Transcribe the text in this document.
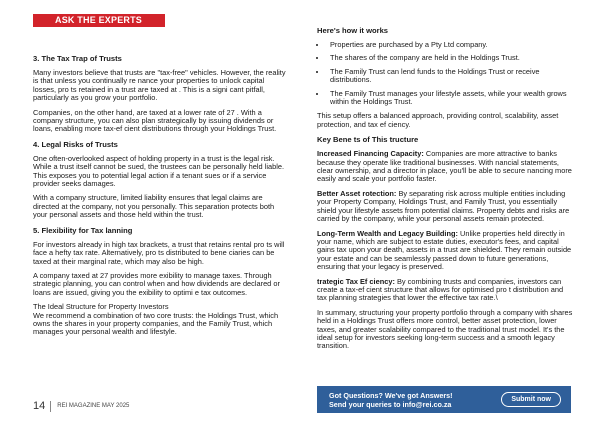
ASK THE EXPERTS
3. The Tax Trap of Trusts

Many investors believe that trusts are "tax-free" vehicles. However, the reality is that unless you continually re nance your properties to unlock capital losses, pro ts retained in a trust are taxed at . This is a signi cant pitfall, particularly as you grow your portfolio.

Companies, on the other hand, are taxed at a lower rate of 27 . With a company structure, you can also plan strategically by issuing dividends or loans, enabling more tax-ef cient distributions through your Holdings Trust.

4. Legal Risks of Trusts

One often-overlooked aspect of holding property in a trust is the legal risk. While a trust itself cannot be sued, the trustees can be personally held liable. This exposes you to potential legal action if a tenant sues or if a service provider seeks damages.

With a company structure, limited liability ensures that legal claims are directed at the company, not you personally. This separation protects both your personal assets and those held within the trust.

5. Flexibility for Tax lanning

For investors already in high tax brackets, a trust that retains rental pro ts will face a hefty tax rate. Alternatively, pro ts distributed to bene ciaries can be taxed at their marginal rate, which may also be high.

A company taxed at 27 provides more exibility to manage taxes. Through strategic planning, you can control when and how dividends are declared or loans are issued, giving you the exibility to optimi e tax outcomes.

The Ideal Structure for Property Investors

We recommend a combination of two core trusts: the Holdings Trust, which owns the shares in your property companies, and the Family Trust, which manages your personal wealth and lifestyle.

Here's how it works
• Properties are purchased by a Pty Ltd company.
• The shares of the company are held in the Holdings Trust.
• The Family Trust can lend funds to the Holdings Trust or receive distributions.
• The Family Trust manages your lifestyle assets, while your wealth grows within the Holdings Trust.

This setup offers a balanced approach, providing control, scalability, asset protection, and tax ef ciency.

Key Bene ts of This tructure

Increased Financing Capacity: Companies are more attractive to banks because they operate like traditional businesses. With nancial statements, clear ownership, and a director in place, you'll be able to secure nancing more easily and scale your portfolio faster.

Better Asset rotection: By separating risk across multiple entities including your Property Company, Holdings Trust, and Family Trust, you essentially shield your lifestyle assets from potential claims. Property debts and risks are carried by the company, while your personal assets remain protected.

Long-Term Wealth and Legacy Building: Unlike properties held directly in your name, which are subject to estate duties, executor's fees, and capital gains tax upon your death, assets in a trust are shielded. They remain outside your estate and can be seamlessly passed down to future generations, ensuring that your legacy is preserved.

trategic Tax Ef ciency: By combining trusts and companies, investors can create a tax-ef cient structure that allows for optimised pro t distribution and tax planning strategies that lower the effective tax rate.\

In summary, structuring your property portfolio through a company with shares held in a Holdings Trust offers more control, better asset protection, lower taxes, and greater scalability compared to the traditional trust model. It's the ideal setup for investors seeking long-term success and a smooth legacy transition.

Got Questions? We've got Answers!
Send your queries to info@rei.co.za	Submit now
14 REI MAGAZINE MAY 2025
